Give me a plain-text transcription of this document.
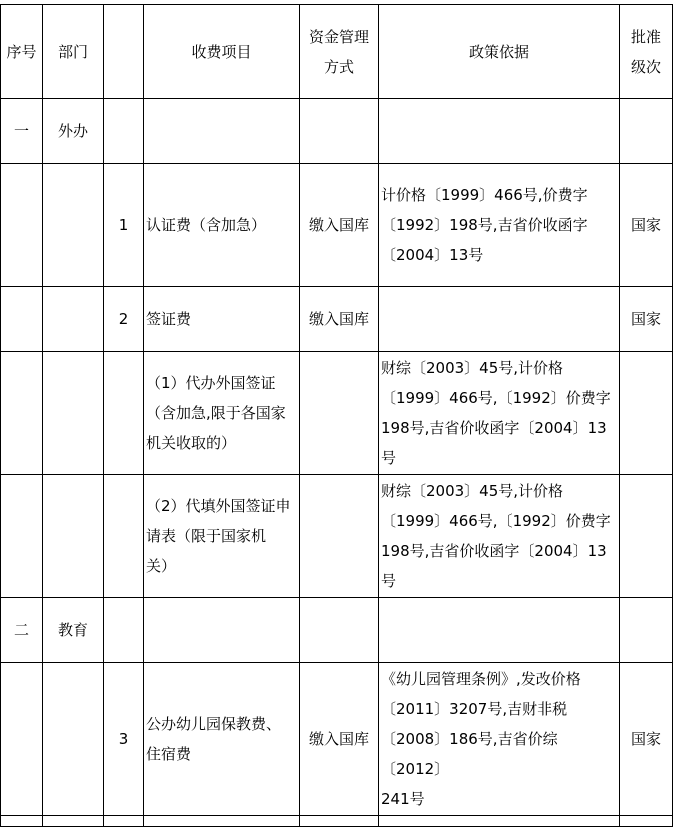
序号	部门		收费项目	资金管理
方式	政策依据	批准
级次
一	外办					
		1	认证费（含加急）	缴入国库	计价格〔1999〕466号,价费字
〔1992〕198号,吉省价收函字
〔2004〕13号	国家
		2	签证费	缴入国库		国家
			（1）代办外国签证
（含加急,限于各国家
机关收取的）		财综〔2003〕45号,计价格
〔1999〕466号,〔1992〕价费字
198号,吉省价收函字〔2004〕13号	
			（2）代填外国签证申
请表（限于国家机
关）		财综〔2003〕45号,计价格
〔1999〕466号,〔1992〕价费字
198号,吉省价收函字〔2004〕13号	
二	教育					
		3	公办幼儿园保教费、
住宿费	缴入国库	《幼儿园管理条例》,发改价格
〔2011〕3207号,吉财非税
〔2008〕186号,吉省价综〔2012〕
241号	国家
